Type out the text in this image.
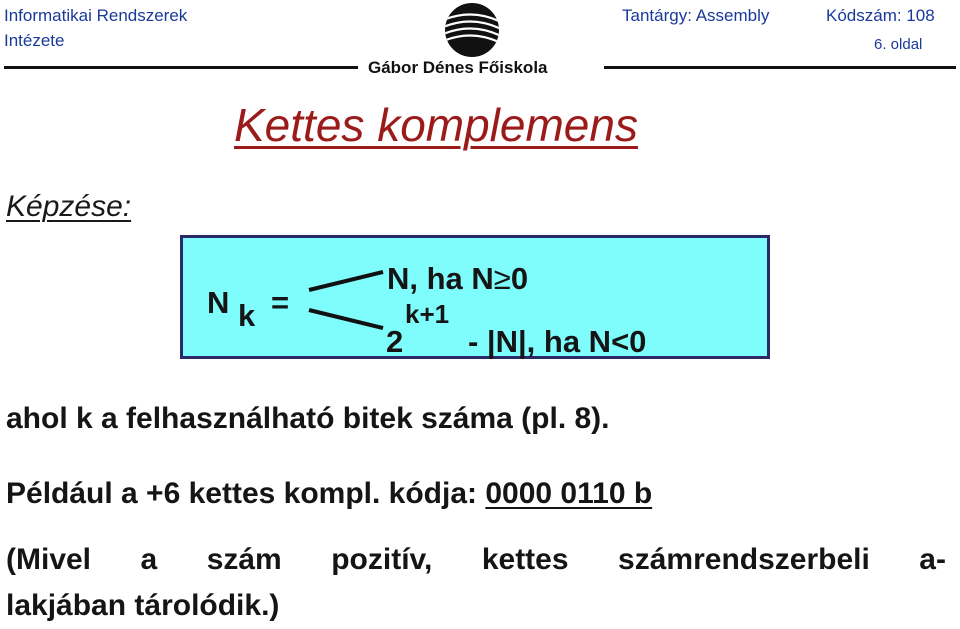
Informatikai Rendszerek
Intézete
Tantárgy: Assembly	Kódszám: 108
6. oldal
Gábor Dénes Főiskola
Kettes komplemens
Képzése:
N k =
N, ha N≥0
2
k+1
- |N|, ha N<0
ahol k a felhasználható bitek száma (pl. 8).
Például a +6 kettes kompl. kódja: 0000 0110 b
(Mivel a szám pozitív, kettes számrendszerbeli a-
lakjában tárolódik.)
